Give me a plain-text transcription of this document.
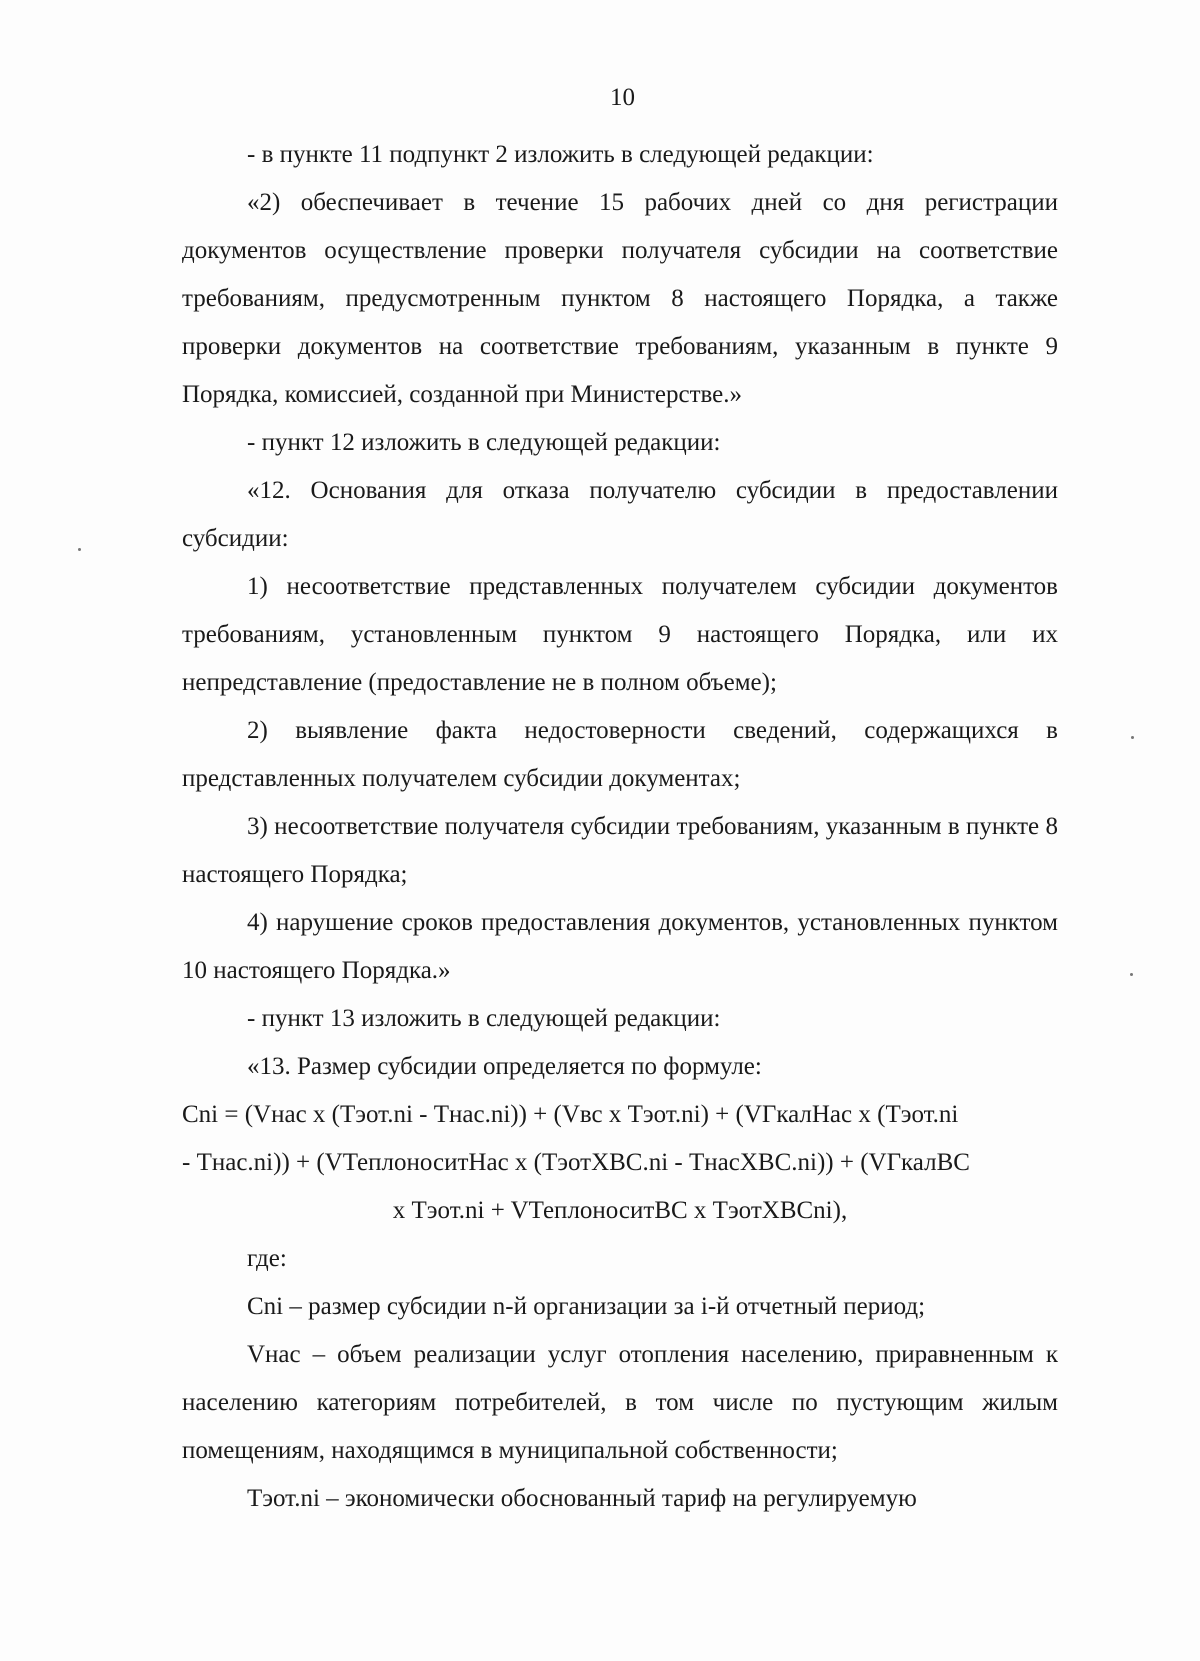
10

- в пункте 11 подпункт 2 изложить в следующей редакции:

«2) обеспечивает в течение 15 рабочих дней со дня регистрации документов осуществление проверки получателя субсидии на соответствие требованиям, предусмотренным пунктом 8 настоящего Порядка, а также проверки документов на соответствие требованиям, указанным в пункте 9 Порядка, комиссией, созданной при Министерстве.»

- пункт 12 изложить в следующей редакции:

«12. Основания для отказа получателю субсидии в предоставлении субсидии:

1) несоответствие представленных получателем субсидии документов требованиям, установленным пунктом 9 настоящего Порядка, или их непредставление (предоставление не в полном объеме);

2) выявление факта недостоверности сведений, содержащихся в представленных получателем субсидии документах;

3) несоответствие получателя субсидии требованиям, указанным в пункте 8 настоящего Порядка;

4) нарушение сроков предоставления документов, установленных пунктом 10 настоящего Порядка.»

- пункт 13 изложить в следующей редакции:

«13. Размер субсидии определяется по формуле:

Cni = (Vнас х (Тэот.ni - Тнас.ni)) + (Vвс х Тэот.ni) + (VГкалНас х (Тэот.ni
- Тнас.ni)) + (VТеплоноситНас х (ТэотХВС.ni - ТнасХВС.ni)) + (VГкалВС
х Тэот.ni + VТеплоноситВС х ТэотХВСni),

где:

Cni – размер субсидии n-й организации за i-й отчетный период;

Vнас – объем реализации услуг отопления населению, приравненным к населению категориям потребителей, в том числе по пустующим жилым помещениям, находящимся в муниципальной собственности;

Тэот.ni – экономически обоснованный тариф на регулируемую
